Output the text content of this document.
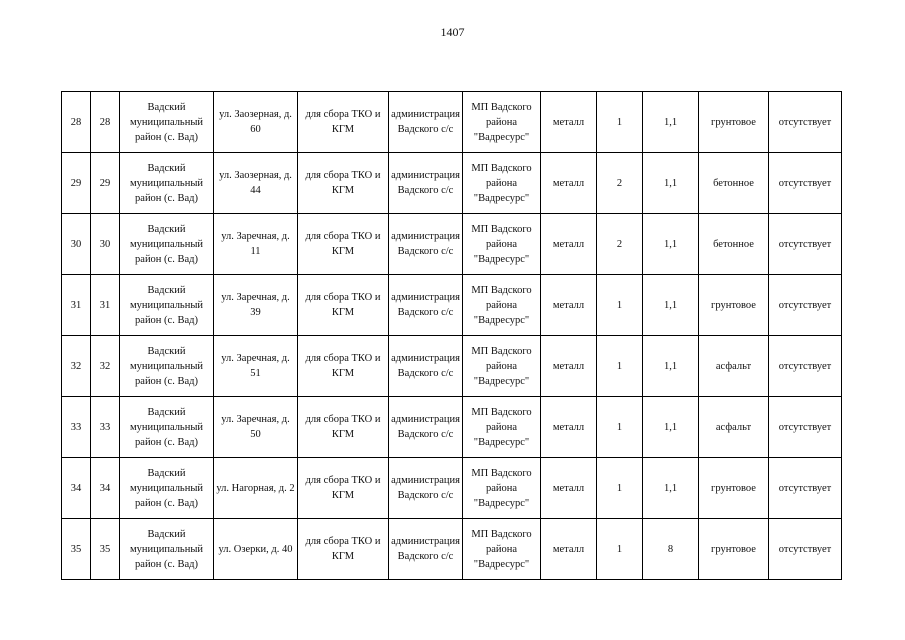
1407
28	28	Вадский муниципальный район (с. Вад)	ул. Заозерная, д. 60	для сбора ТКО и КГМ	администрация Вадского с/с	МП Вадского района "Вадресурс"	металл	1	1,1	грунтовое	отсутствует
29	29	Вадский муниципальный район (с. Вад)	ул. Заозерная, д. 44	для сбора ТКО и КГМ	администрация Вадского с/с	МП Вадского района "Вадресурс"	металл	2	1,1	бетонное	отсутствует
30	30	Вадский муниципальный район (с. Вад)	ул. Заречная, д. 11	для сбора ТКО и КГМ	администрация Вадского с/с	МП Вадского района "Вадресурс"	металл	2	1,1	бетонное	отсутствует
31	31	Вадский муниципальный район (с. Вад)	ул. Заречная, д. 39	для сбора ТКО и КГМ	администрация Вадского с/с	МП Вадского района "Вадресурс"	металл	1	1,1	грунтовое	отсутствует
32	32	Вадский муниципальный район (с. Вад)	ул. Заречная, д. 51	для сбора ТКО и КГМ	администрация Вадского с/с	МП Вадского района "Вадресурс"	металл	1	1,1	асфальт	отсутствует
33	33	Вадский муниципальный район (с. Вад)	ул. Заречная, д. 50	для сбора ТКО и КГМ	администрация Вадского с/с	МП Вадского района "Вадресурс"	металл	1	1,1	асфальт	отсутствует
34	34	Вадский муниципальный район (с. Вад)	ул. Нагорная, д. 2	для сбора ТКО и КГМ	администрация Вадского с/с	МП Вадского района "Вадресурс"	металл	1	1,1	грунтовое	отсутствует
35	35	Вадский муниципальный район (с. Вад)	ул. Озерки, д. 40	для сбора ТКО и КГМ	администрация Вадского с/с	МП Вадского района "Вадресурс"	металл	1	8	грунтовое	отсутствует
